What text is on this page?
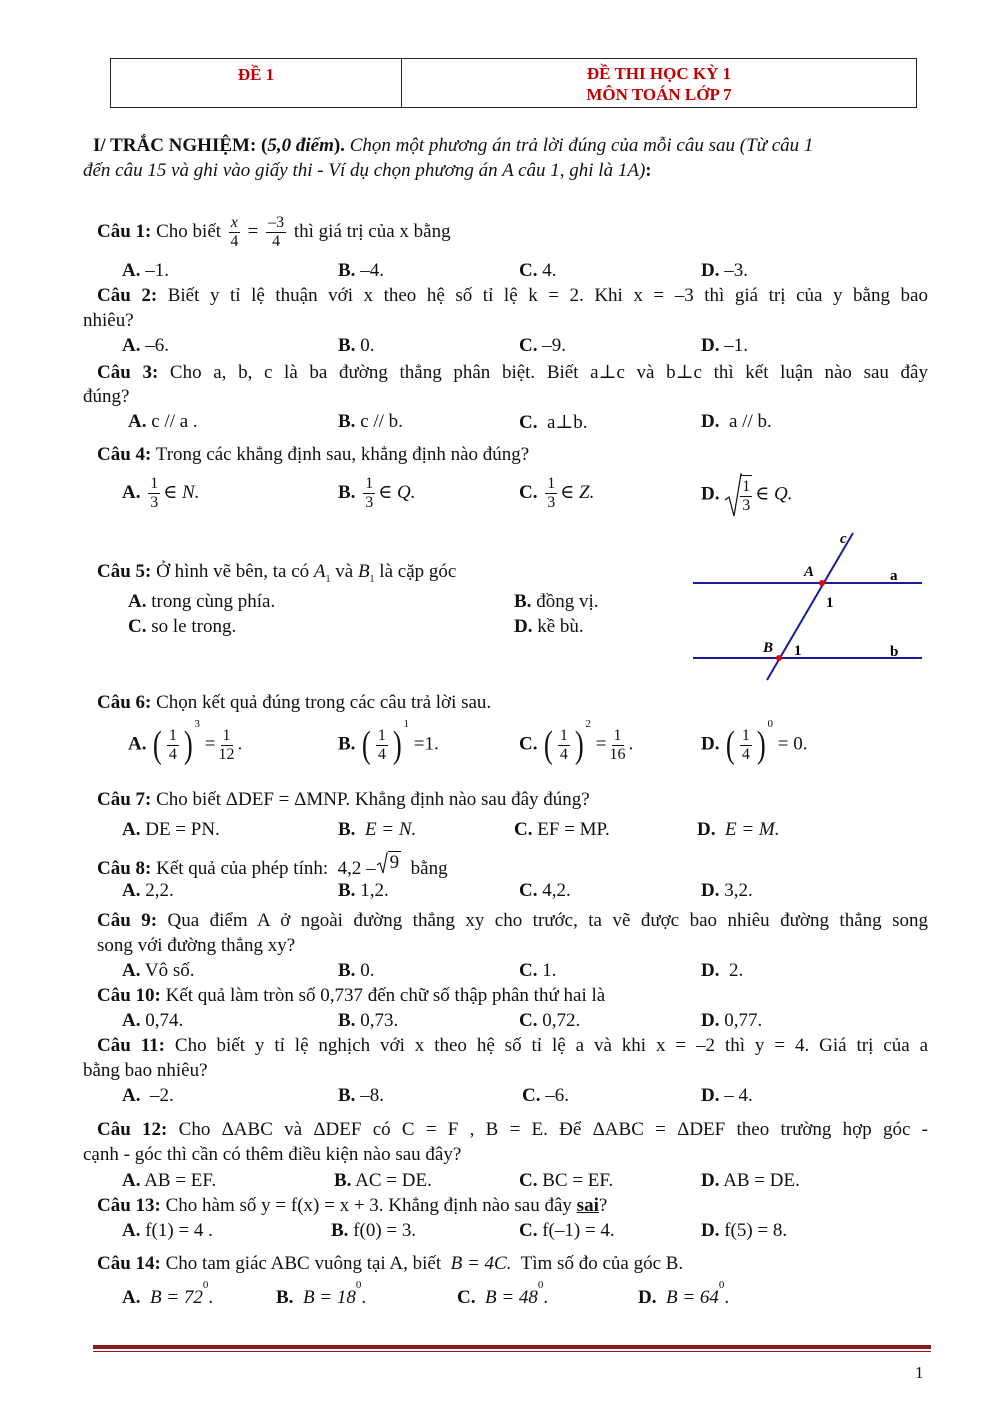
ĐỀ 1	ĐỀ THI HỌC KỲ 1
MÔN TOÁN LỚP 7
I/ TRẮC NGHIỆM: (5,0 điểm). Chọn một phương án trả lời đúng của mỗi câu sau (Từ câu 1
đến câu 15 và ghi vào giấy thi - Ví dụ chọn phương án A câu 1, ghi là 1A):
Câu 1: Cho biết $\frac{x}{4} = \frac{-3}{4}$ thì giá trị của x bằng
A. –1.	B. –4.	C. 4.	D. –3.
Câu 2: Biết y tỉ lệ thuận với x theo hệ số tỉ lệ k = 2. Khi x = –3 thì giá trị của y bằng bao
nhiêu?
A. –6.	B. 0.	C. –9.	D. –1.
Câu 3: Cho a, b, c là ba đường thẳng phân biệt. Biết a⊥c và b⊥c thì kết luận nào sau đây
đúng?
A. c // a .	B. c // b.	C. a⊥b.	D. a // b.
Câu 4: Trong các khẳng định sau, khẳng định nào đúng?
A. $\frac{1}{3}$ ∈ N.	B. $\frac{1}{3}$ ∈ Q.	C. $\frac{1}{3}$ ∈ Z.	D. $\frac{1}{3}$ ∈ Q.
Câu 5: Ở hình vẽ bên, ta có $A_1$ và $B_1$ là cặp góc
A. trong cùng phía.	B. đồng vị.
C. so le trong.	D. kề bù.
c
A	a
1
B 1	b
Câu 6: Chọn kết quả đúng trong các câu trả lời sau.
A. ( $\frac{1}{4}$ ) $^3 = \frac{1}{12}$ .	B. ( $\frac{1}{4}$ ) $^1$ =1.	C. ( $\frac{1}{4}$ ) $^2 = \frac{1}{16}$ .	D. ( $\frac{1}{4}$ ) $^0$ = 0.
Câu 7: Cho biết ΔDEF = ΔMNP. Khẳng định nào sau đây đúng?
A. DE = PN.	B. E = N.	C. EF = MP.	D. E = M.
Câu 8: Kết quả của phép tính: 4,2 – 9 bằng
A. 2,2.	B. 1,2.	C. 4,2.	D. 3,2.
Câu 9: Qua điểm A ở ngoài đường thẳng xy cho trước, ta vẽ được bao nhiêu đường thẳng song
song với đường thẳng xy?
A. Vô số.	B. 0.	C. 1.	D. 2.
Câu 10: Kết quả làm tròn số 0,737 đến chữ số thập phân thứ hai là
A. 0,74.	B. 0,73.	C. 0,72.	D. 0,77.
Câu 11: Cho biết y tỉ lệ nghịch với x theo hệ số tỉ lệ a và khi x = –2 thì y = 4. Giá trị của a
bằng bao nhiêu?
A. –2.	B. –8.	C. –6.	D. – 4.
Câu 12: Cho ΔABC và ΔDEF có C = F , B = E. Để ΔABC = ΔDEF theo trường hợp góc -
cạnh - góc thì cần có thêm điều kiện nào sau đây?
A. AB = EF.	B. AC = DE.	C. BC = EF.	D. AB = DE.
Câu 13: Cho hàm số y = f(x) = x + 3. Khẳng định nào sau đây sai?
A. f(1) = 4 .	B. f(0) = 3.	C. f(–1) = 4.	D. f(5) = 8.
Câu 14: Cho tam giác ABC vuông tại A, biết B = 4C. Tìm số đo của góc B.
A. $B = 72^0$.	B. $B = 18^0$.	C. $B = 48^0$.	D. $B = 64^0$.
1
